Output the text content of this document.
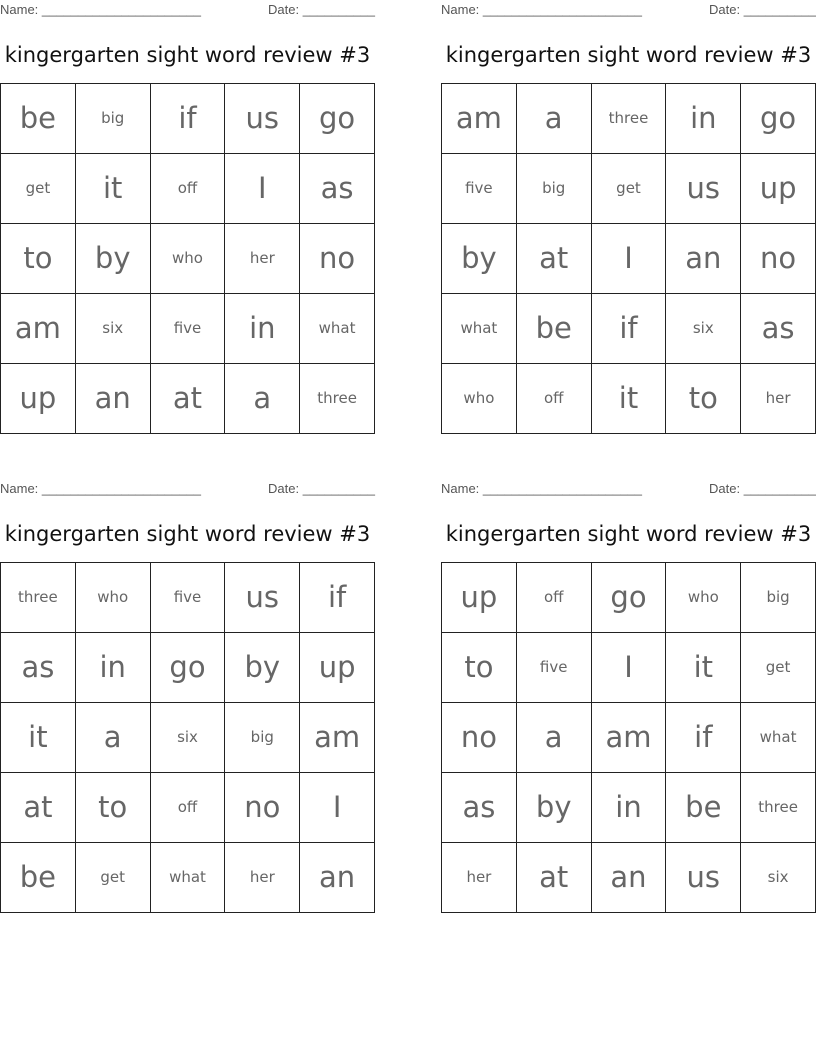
Name: ______________________	Date: __________
kingergarten sight word review #3
be	big	if	us	go
get	it	off	I	as
to	by	who	her	no
am	six	five	in	what
up	an	at	a	three
Name: ______________________	Date: __________
kingergarten sight word review #3
am	a	three	in	go
five	big	get	us	up
by	at	I	an	no
what	be	if	six	as
who	off	it	to	her
Name: ______________________	Date: __________
kingergarten sight word review #3
three	who	five	us	if
as	in	go	by	up
it	a	six	big	am
at	to	off	no	I
be	get	what	her	an
Name: ______________________	Date: __________
kingergarten sight word review #3
up	off	go	who	big
to	five	I	it	get
no	a	am	if	what
as	by	in	be	three
her	at	an	us	six
